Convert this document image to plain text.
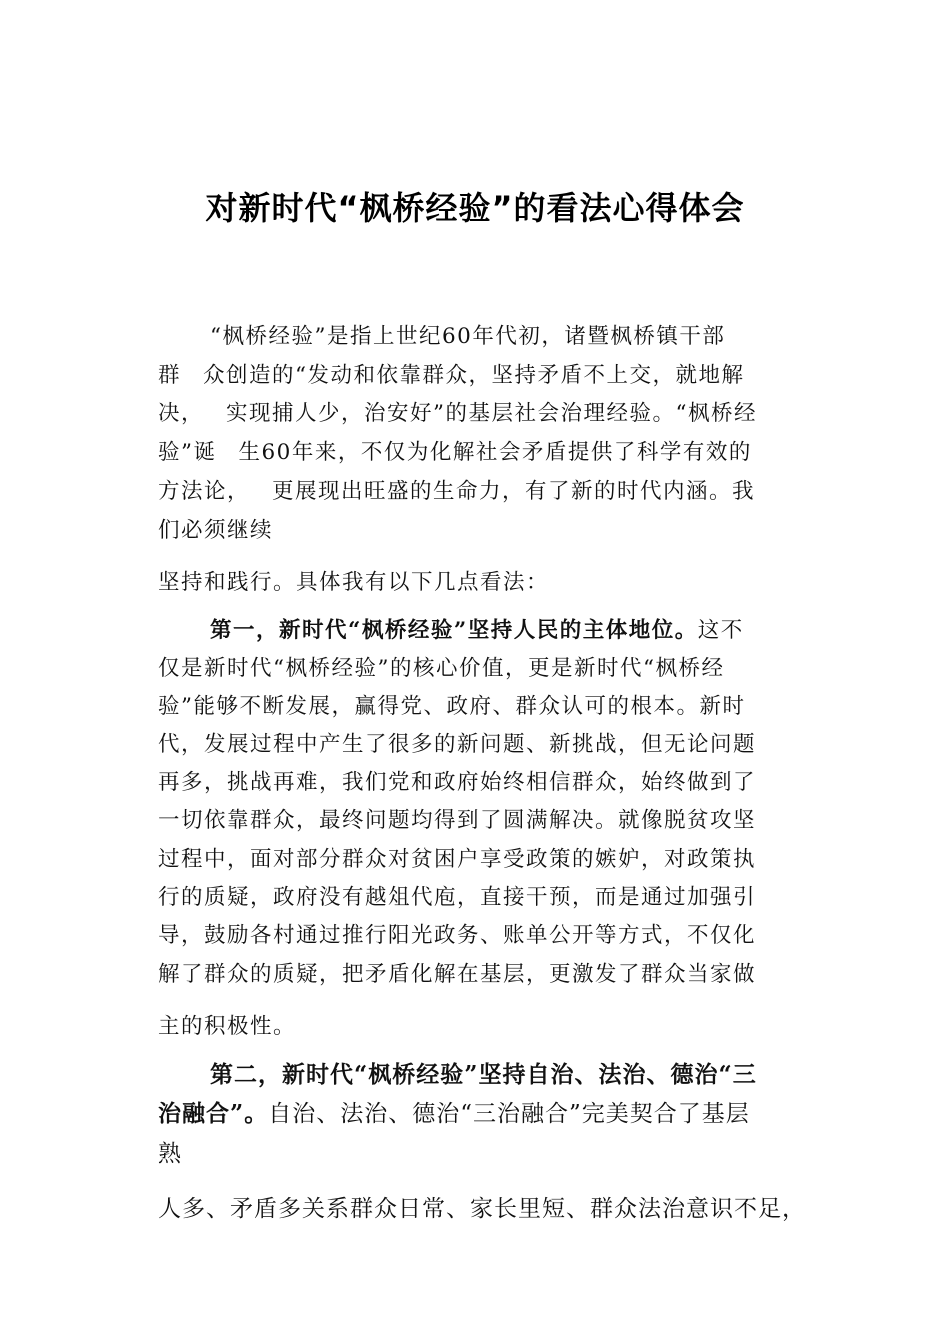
对新时代“枫桥经验”的看法心得体会
“枫桥经验”是指上世纪60年代初，诸暨枫桥镇干部
群 众创造的“发动和依靠群众，坚持矛盾不上交，就地解
决， 实现捕人少，治安好”的基层社会治理经验。“枫桥经
验”诞 生60年来，不仅为化解社会矛盾提供了科学有效的
方法论， 更展现出旺盛的生命力，有了新的时代内涵。我
们必须继续
坚持和践行。具体我有以下几点看法：
第一，新时代“枫桥经验”坚持人民的主体地位。这不
仅是新时代“枫桥经验”的核心价值，更是新时代“枫桥经
验”能够不断发展，赢得党、政府、群众认可的根本。新时
代，发展过程中产生了很多的新问题、新挑战，但无论问题
再多，挑战再难，我们党和政府始终相信群众，始终做到了
一切依靠群众，最终问题均得到了圆满解决。就像脱贫攻坚
过程中，面对部分群众对贫困户享受政策的嫉妒，对政策执
行的质疑，政府没有越俎代庖，直接干预，而是通过加强引
导，鼓励各村通过推行阳光政务、账单公开等方式，不仅化
解了群众的质疑，把矛盾化解在基层，更激发了群众当家做
主的积极性。
第二，新时代“枫桥经验”坚持自治、法治、德治“三
治融合”。自治、法治、德治“三治融合”完美契合了基层
熟
人多、矛盾多关系群众日常、家长里短、群众法治意识不足，
